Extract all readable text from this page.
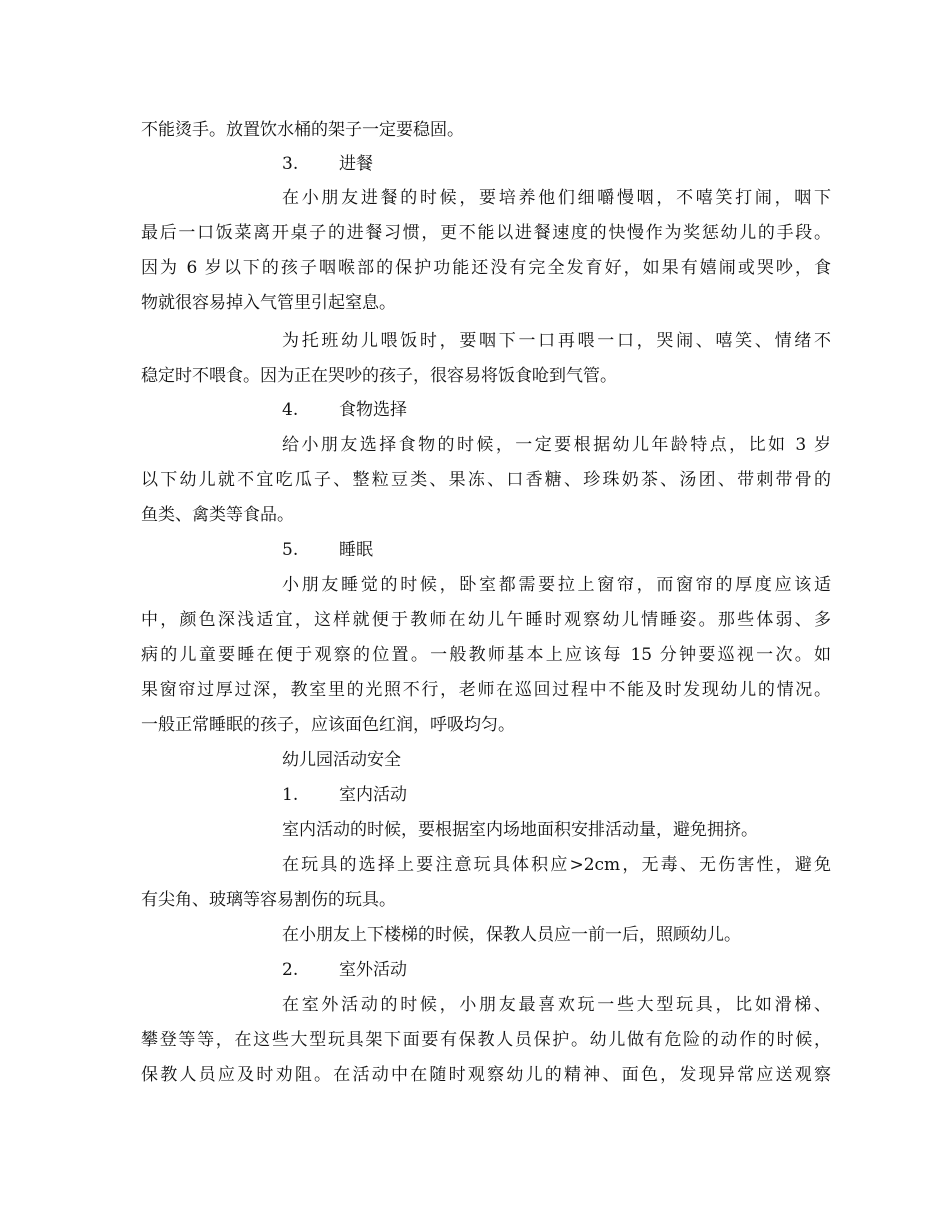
不能烫手。放置饮水桶的架子一定要稳固。
3.	进餐
在小朋友进餐的时候，要培养他们细嚼慢咽，不嘻笑打闹，咽下
最后一口饭菜离开桌子的进餐习惯，更不能以进餐速度的快慢作为奖惩幼儿的手段。
因为 6 岁以下的孩子咽喉部的保护功能还没有完全发育好，如果有嬉闹或哭吵，食
物就很容易掉入气管里引起窒息。
为托班幼儿喂饭时，要咽下一口再喂一口，哭闹、嘻笑、情绪不
稳定时不喂食。因为正在哭吵的孩子，很容易将饭食呛到气管。
4.	食物选择
给小朋友选择食物的时候，一定要根据幼儿年龄特点，比如 3 岁
以下幼儿就不宜吃瓜子、整粒豆类、果冻、口香糖、珍珠奶茶、汤团、带刺带骨的
鱼类、禽类等食品。
5.	睡眠
小朋友睡觉的时候，卧室都需要拉上窗帘，而窗帘的厚度应该适
中，颜色深浅适宜，这样就便于教师在幼儿午睡时观察幼儿情睡姿。那些体弱、多
病的儿童要睡在便于观察的位置。一般教师基本上应该每 15 分钟要巡视一次。如
果窗帘过厚过深，教室里的光照不行，老师在巡回过程中不能及时发现幼儿的情况。
一般正常睡眠的孩子，应该面色红润，呼吸均匀。
幼儿园活动安全
1.	室内活动
室内活动的时候，要根据室内场地面积安排活动量，避免拥挤。
在玩具的选择上要注意玩具体积应>2cm，无毒、无伤害性，避免
有尖角、玻璃等容易割伤的玩具。
在小朋友上下楼梯的时候，保教人员应一前一后，照顾幼儿。
2.	室外活动
在室外活动的时候，小朋友最喜欢玩一些大型玩具，比如滑梯、
攀登等等，在这些大型玩具架下面要有保教人员保护。幼儿做有危险的动作的时候，
保教人员应及时劝阻。在活动中在随时观察幼儿的精神、面色，发现异常应送观察
